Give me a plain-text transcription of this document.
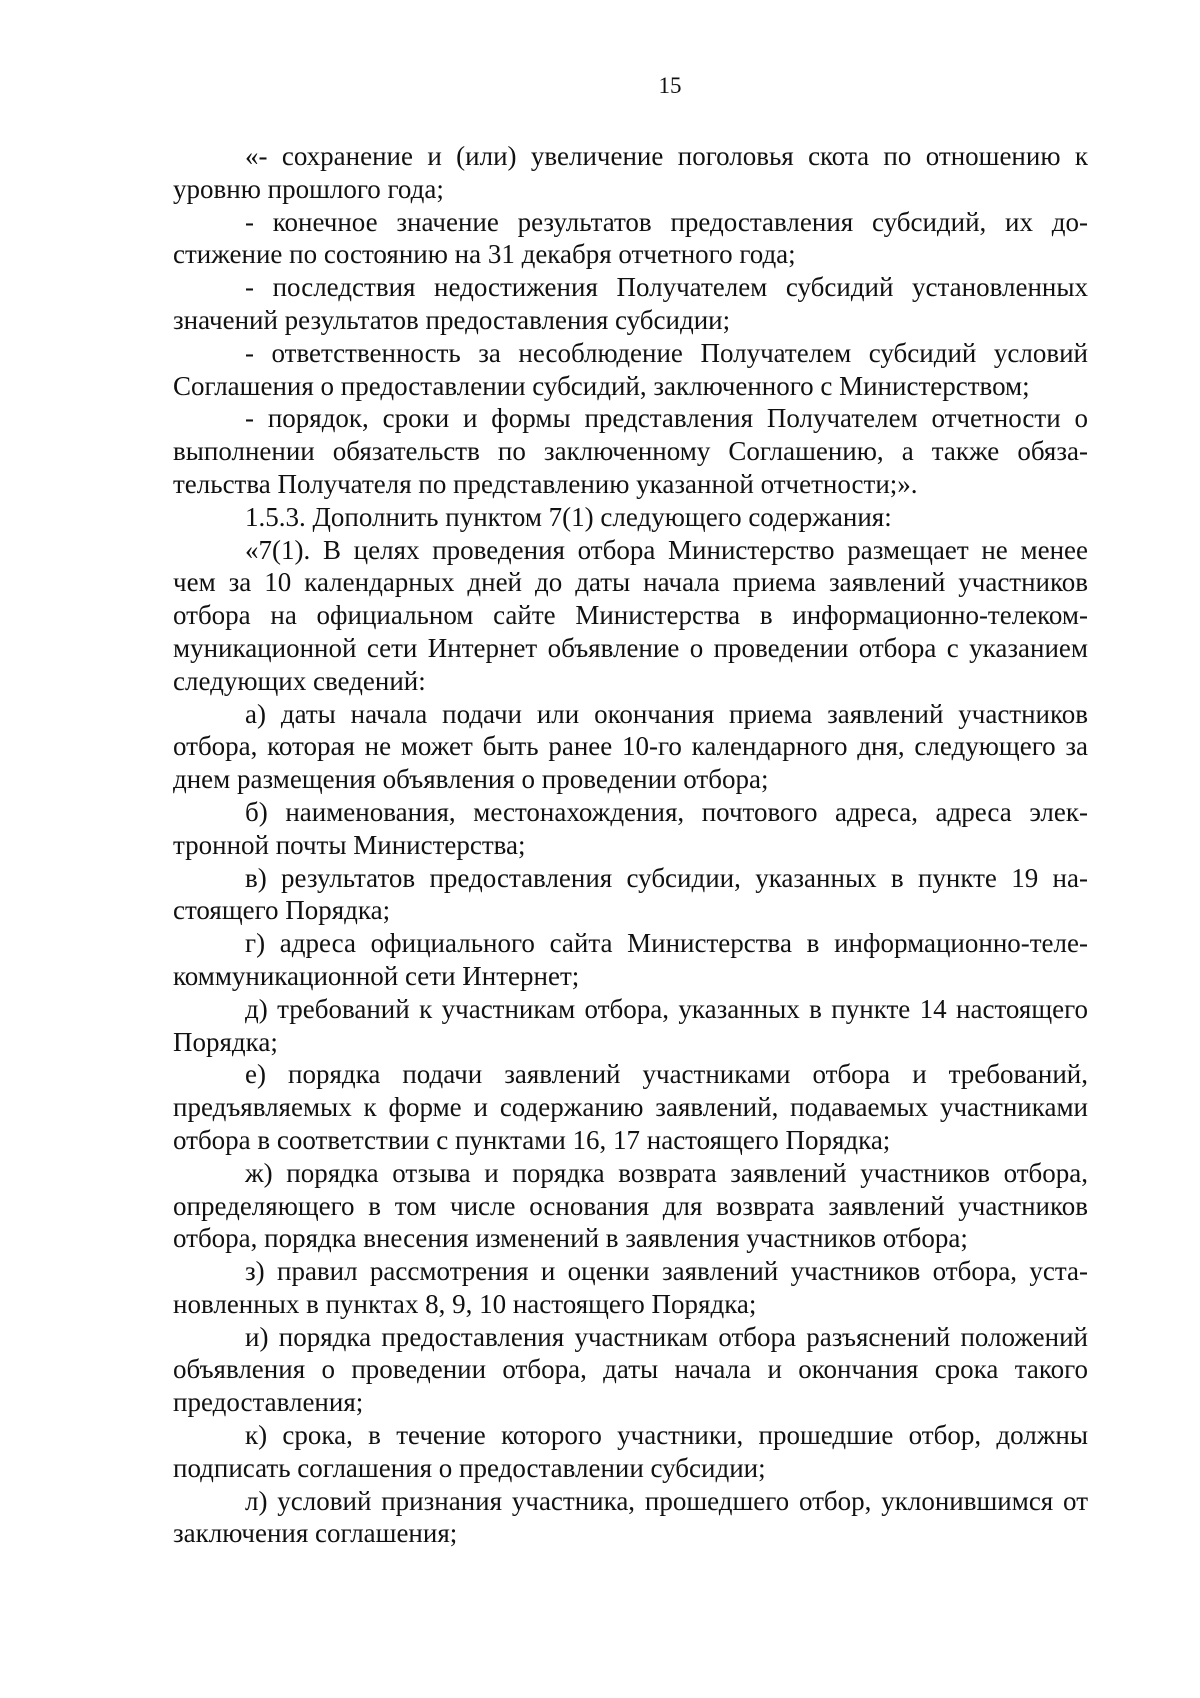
15

«- сохранение и (или) увеличение поголовья скота по отношению к уровню прошлого года;

- конечное значение результатов предоставления субсидий, их достижение по состоянию на 31 декабря отчетного года;

- последствия недостижения Получателем субсидий установленных значений результатов предоставления субсидии;

- ответственность за несоблюдение Получателем субсидий условий Соглашения о предоставлении субсидий, заключенного с Министерством;

- порядок, сроки и формы представления Получателем отчетности о выполнении обязательств по заключенному Соглашению, а также обязательства Получателя по представлению указанной отчетности;».

1.5.3. Дополнить пунктом 7(1) следующего содержания:

«7(1). В целях проведения отбора Министерство размещает не менее чем за 10 календарных дней до даты начала приема заявлений участников отбора на официальном сайте Министерства в информационно-телекоммуникационной сети Интернет объявление о проведении отбора с указанием следующих сведений:

а) даты начала подачи или окончания приема заявлений участников отбора, которая не может быть ранее 10-го календарного дня, следующего за днем размещения объявления о проведении отбора;

б) наименования, местонахождения, почтового адреса, адреса электронной почты Министерства;

в) результатов предоставления субсидии, указанных в пункте 19 настоящего Порядка;

г) адреса официального сайта Министерства в информационно-телекоммуникационной сети Интернет;

д) требований к участникам отбора, указанных в пункте 14 настоящего Порядка;

е) порядка подачи заявлений участниками отбора и требований, предъявляемых к форме и содержанию заявлений, подаваемых участниками отбора в соответствии с пунктами 16, 17 настоящего Порядка;

ж) порядка отзыва и порядка возврата заявлений участников отбора, определяющего в том числе основания для возврата заявлений участников отбора, порядка внесения изменений в заявления участников отбора;

з) правил рассмотрения и оценки заявлений участников отбора, установленных в пунктах 8, 9, 10 настоящего Порядка;

и) порядка предоставления участникам отбора разъяснений положений объявления о проведении отбора, даты начала и окончания срока такого предоставления;

к) срока, в течение которого участники, прошедшие отбор, должны подписать соглашения о предоставлении субсидии;

л) условий признания участника, прошедшего отбор, уклонившимся от заключения соглашения;
